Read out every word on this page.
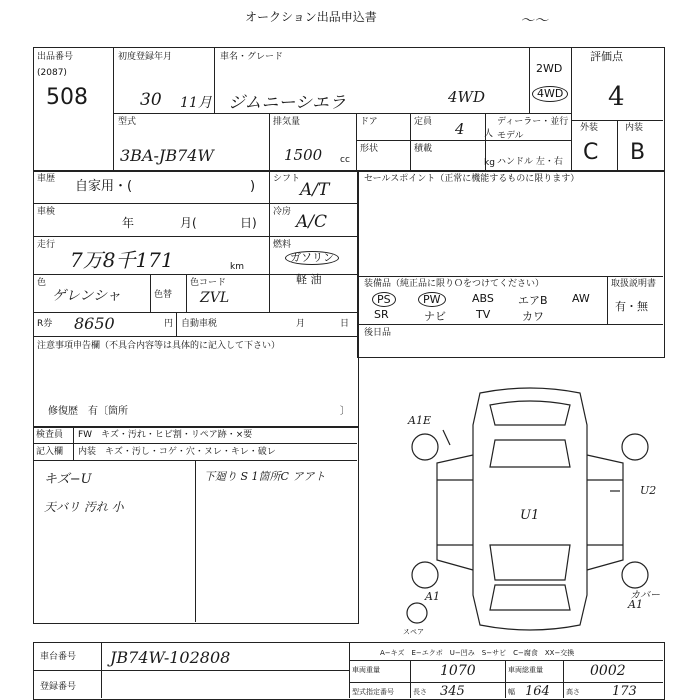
オークション出品申込書	〜〜
出品番号
(2087)
508
初度登録年月
30 11月
車名・グレード
ジムニーシエラ	4WD
2WD
4WD
評価点
4
外装	内装
C B
型式
3BA-JB74W
排気量
1500 cc
ドア	定員 4 人
ディーラー・並行
モデル
形状	積載
kg ハンドル 左・右
車歴 自家用・(	) シフト
A/T
車検
年	月(	日)
冷房 A/C
走行
7万8千171	km
燃料
ガソリン
軽 油
色
ゲレンシャ	色替
色コード
ZVL
R券 8650	円 自動車税	月	日
注意事項申告欄（不具合内容等は具体的に記入して下さい）
修復歴　有〔箇所	〕
セールスポイント（正常に機能するものに限ります）
装備品（純正品に限りＯをつけてください）	取扱説明書
有・無
後日品
PS	PW	ABS エアB AW
SR	ナビ	TV	カワ
検査員
記入欄
FW　キズ・汚れ・ヒビ割・リペア跡・×要
内装　キズ・汚し・コゲ・穴・ヌレ・キレ・破レ
キズ−U
天バリ 汚れ 小
下廻り S 1箇所C アアト
A1E
U2
U1
A1	カバー
A1
スペア
車台番号 JB74W-102808
登録番号
A−キズ　E−エクボ　U−凹み　S−サビ　C−腐食　XX−交換
車両重量	1070	車両総重量	0002
型式指定番号	長さ 345	幅 164 高さ 173
